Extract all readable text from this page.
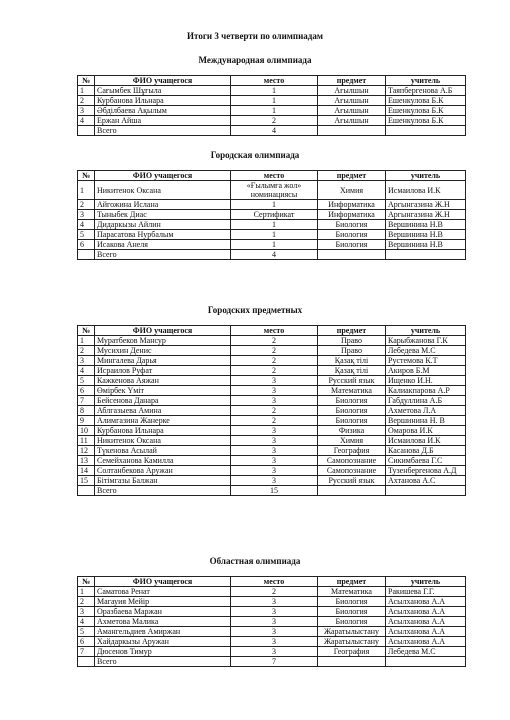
Итоги 3 четверти по олимпиадам
Международная олимпиада
№	ФИО учащегося	место	предмет	учитель
1	Сағымбек Шұғыла	1	Ағылшын	Таяпбергенова А.Б
2	Курбанова Ильнара	1	Ағылшын	Ешенкулова Б.К
3	Әбділбаева Ақылым	1	Ағылшын	Ешенкулова Б.К
4	Ержан Айша	2	Ағылшын	Ешенкулова Б.К
	Всего	4		
Городская олимпиада
№	ФИО учащегося	место	предмет	учитель
1	Никитенок Оксана	«Ғылымға жол» номинациясы	Химия	Исмаилова И.К
2	Айгожина Ислана	1	Информатика	Аргынгазина Ж.Н
3	Тыныбек Диас	Сертификат	Информатика	Аргынгазина Ж.Н
4	Дидаркызы Айлин	1	Биология	Вершинина Н.В
5	Парасатова Нурбалым	1	Биология	Вершинина Н.В
6	Исакова Анеля	1	Биология	Вершинина Н.В
	Всего	4		
Городских предметных
№	ФИО учащегося	место	предмет	учитель
1	Муратбеков Мансур	2	Право	Карыбжанова Г.К
2	Мусихин Денис	2	Право	Лебедева М.С
3	Мингалева Дарья	2	Қазақ тілі	Рустемова К.Т
4	Исраилов Руфат	2	Қазақ тілі	Акиров Б.М
5	Кажкенова Аяжан	3	Русский язык	Ищенко И.Н.
6	Өмірбек Үміт	3	Математика	Калиакпарова А.Р
7	Бейсенова Данара	3	Биология	Габдуллина А.Б
8	Аблгазыева Амина	2	Биология	Ахметова Л.А
9	Алимгазина Жанерке	2	Биология	Вершинина Н. В
10	Курбанова Ильнара	3	Физика	Омарова И.К
11	Никитенок Оксана	3	Химия	Исмаилова И.К
12	Түкенова Асылай	3	География	Касанова Д.Б
13	Семейханова Камилла	3	Самопознание	Сикимбаева Г.С
14	Солтанбекова Аружан	3	Самопознание	Тузенбергенова А.Д
15	Бітімгазы Балжан	3	Русский язык	Ахтанова А.С
	Всего	15		
Областная олимпиада
№	ФИО учащегося	место	предмет	учитель
1	Саматова Ренат	2	Математика	Ракишева Г.Г.
2	Магауия Мейір	3	Биология	Асылханова А.А
3	Оразбаева Маржан	3	Биология	Асылханова А.А
4	Ахметова Малика	3	Биология	Асылханова А.А
5	Амангельдиев Амиржан	3	Жаратылыстану	Асылханова А.А
6	Хайдаркызы Аружан	3	Жаратылыстану	Асылханова А.А
7	Дюсенов Тимур	3	География	Лебедева М.С
	Всего	7		
